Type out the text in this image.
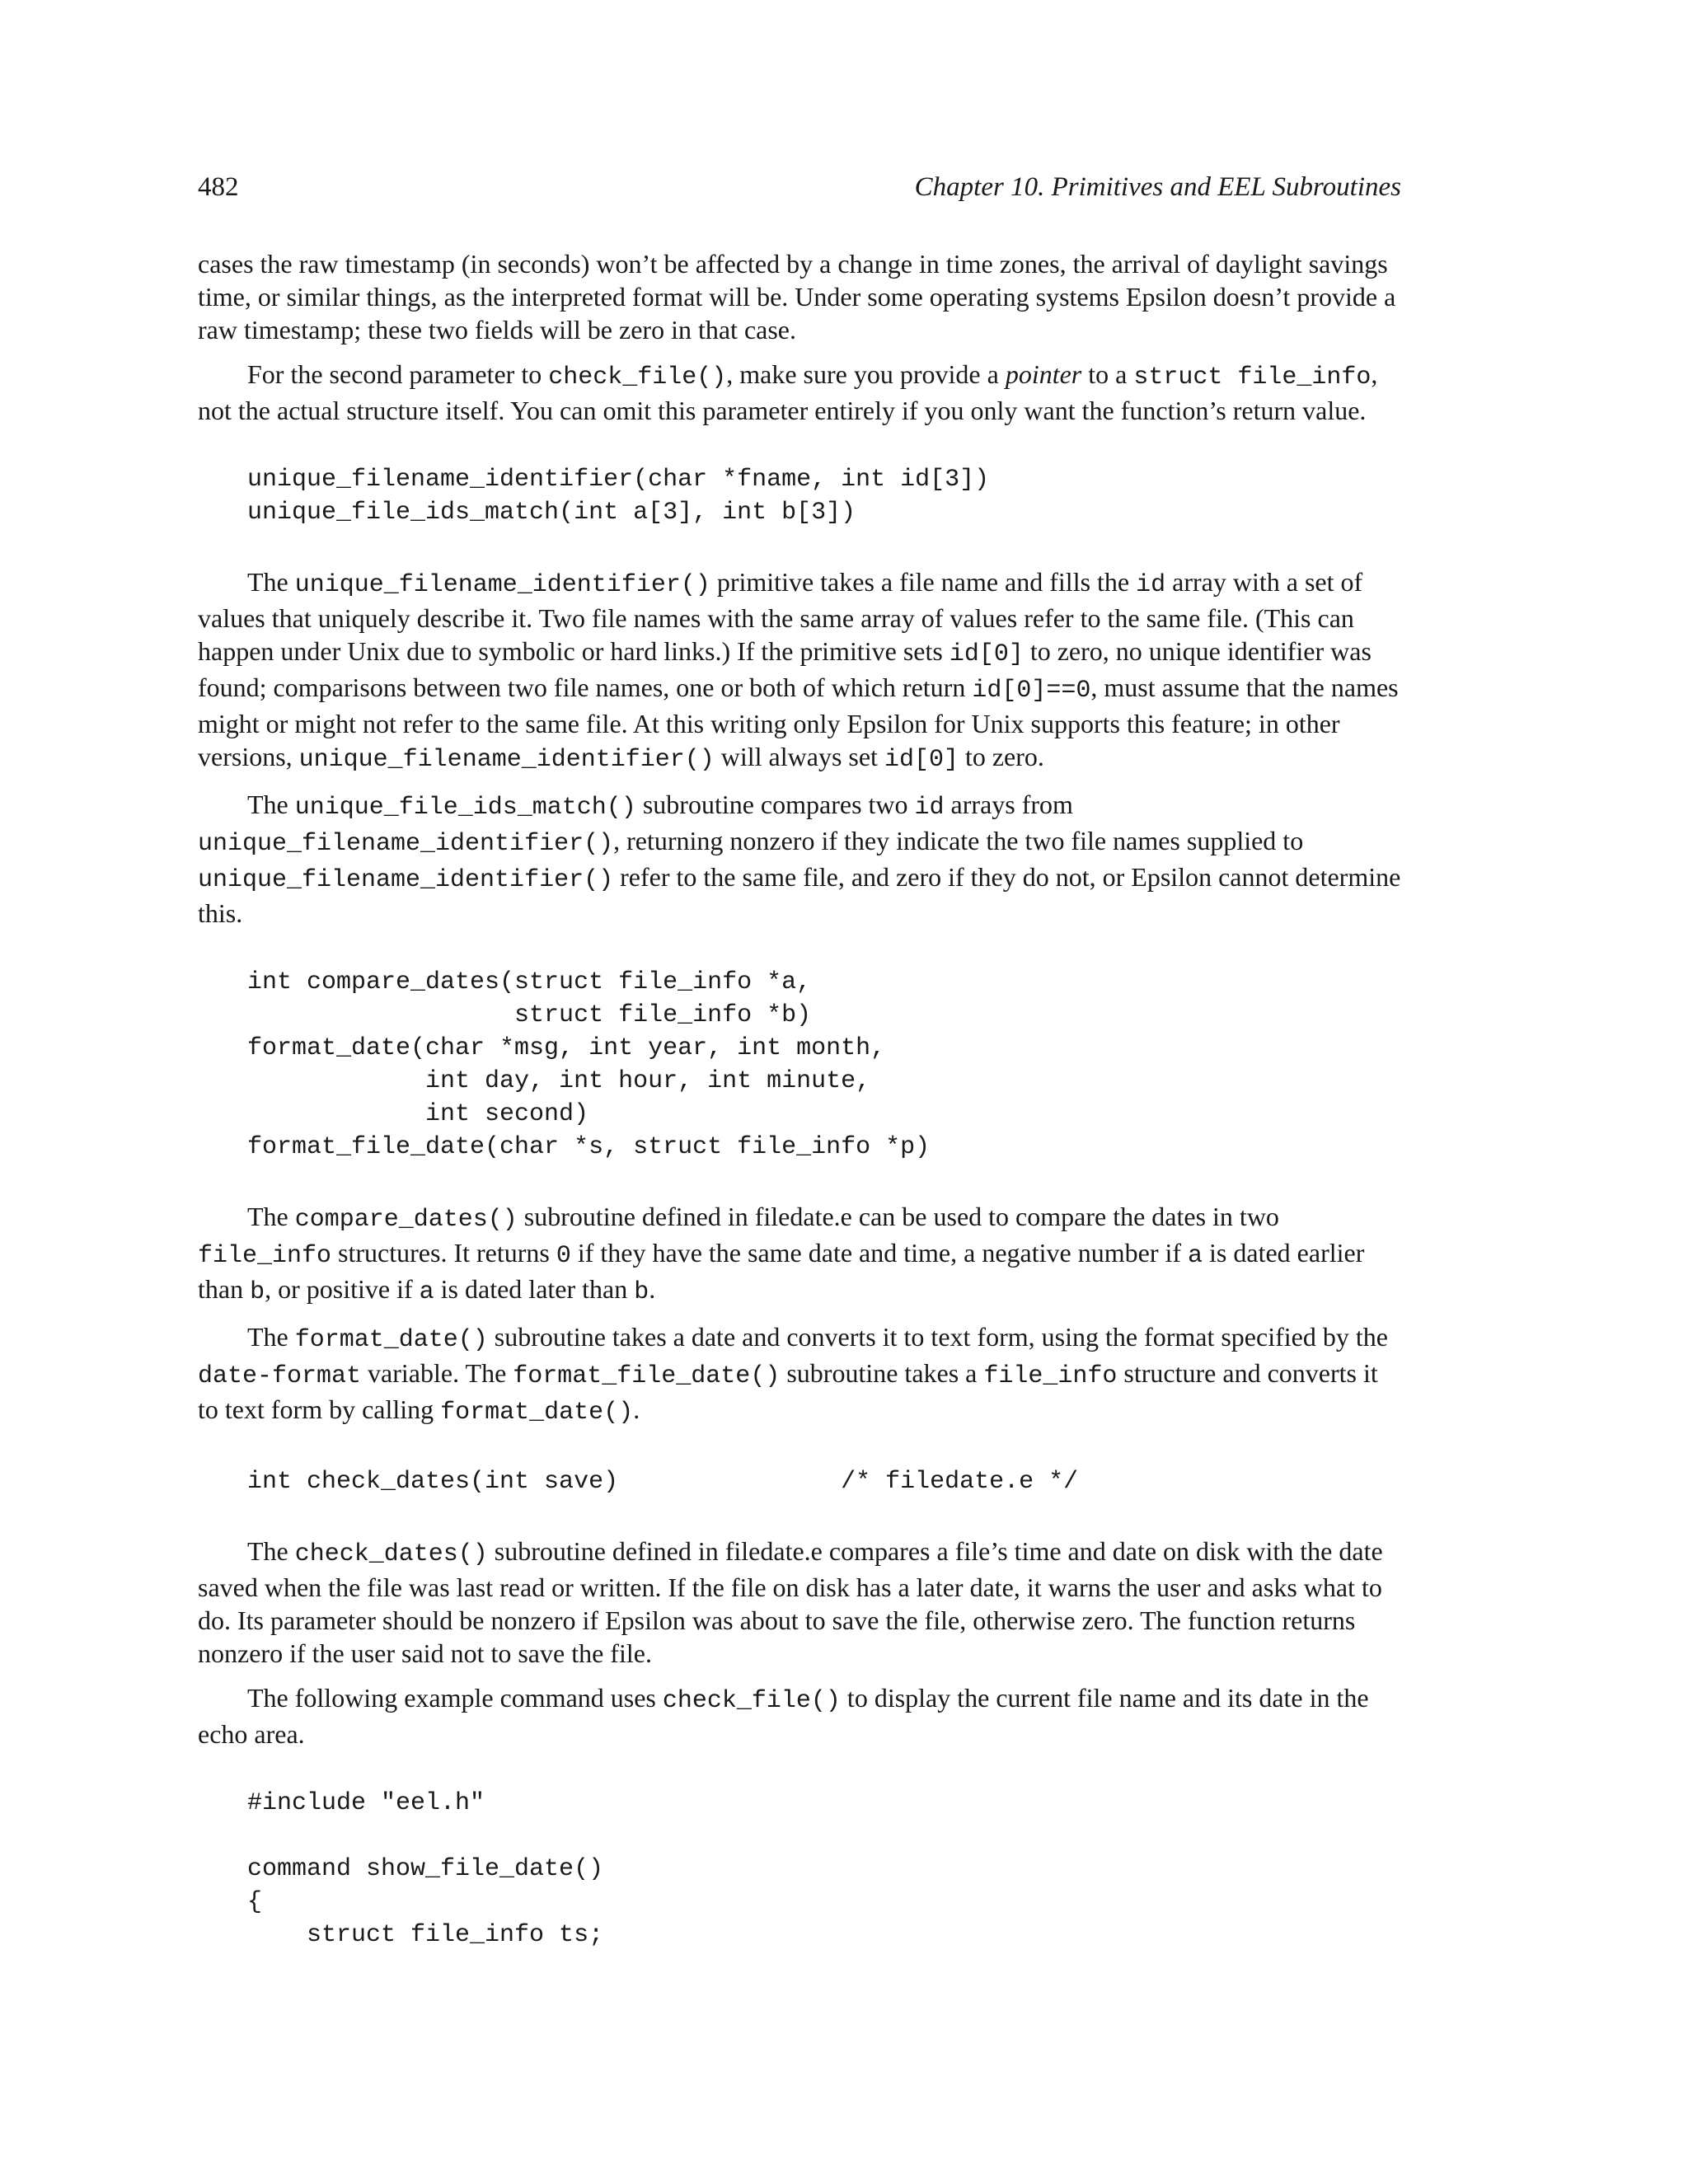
482	Chapter 10. Primitives and EEL Subroutines

cases the raw timestamp (in seconds) won’t be affected by a change in time zones, the arrival of daylight savings time, or similar things, as the interpreted format will be. Under some operating systems Epsilon doesn’t provide a raw timestamp; these two fields will be zero in that case.

For the second parameter to check_file(), make sure you provide a pointer to a struct file_info, not the actual structure itself. You can omit this parameter entirely if you only want the function’s return value.

unique_filename_identifier(char *fname, int id[3])
unique_file_ids_match(int a[3], int b[3])

The unique_filename_identifier() primitive takes a file name and fills the id array with a set of values that uniquely describe it. Two file names with the same array of values refer to the same file. (This can happen under Unix due to symbolic or hard links.) If the primitive sets id[0] to zero, no unique identifier was found; comparisons between two file names, one or both of which return id[0]==0, must assume that the names might or might not refer to the same file. At this writing only Epsilon for Unix supports this feature; in other versions, unique_filename_identifier() will always set id[0] to zero.

The unique_file_ids_match() subroutine compares two id arrays from unique_filename_identifier(), returning nonzero if they indicate the two file names supplied to unique_filename_identifier() refer to the same file, and zero if they do not, or Epsilon cannot determine this.

int compare_dates(struct file_info *a,
struct file_info *b)
format_date(char *msg, int year, int month,
int day, int hour, int minute,
int second)
format_file_date(char *s, struct file_info *p)

The compare_dates() subroutine defined in filedate.e can be used to compare the dates in two file_info structures. It returns 0 if they have the same date and time, a negative number if a is dated earlier than b, or positive if a is dated later than b.

The format_date() subroutine takes a date and converts it to text form, using the format specified by the date-format variable. The format_file_date() subroutine takes a file_info structure and converts it to text form by calling format_date().

int check_dates(int save)               /* filedate.e */

The check_dates() subroutine defined in filedate.e compares a file’s time and date on disk with the date saved when the file was last read or written. If the file on disk has a later date, it warns the user and asks what to do. Its parameter should be nonzero if Epsilon was about to save the file, otherwise zero. The function returns nonzero if the user said not to save the file.

The following example command uses check_file() to display the current file name and its date in the echo area.

#include "eel.h"
command show_file_date()
{
struct file_info ts;
